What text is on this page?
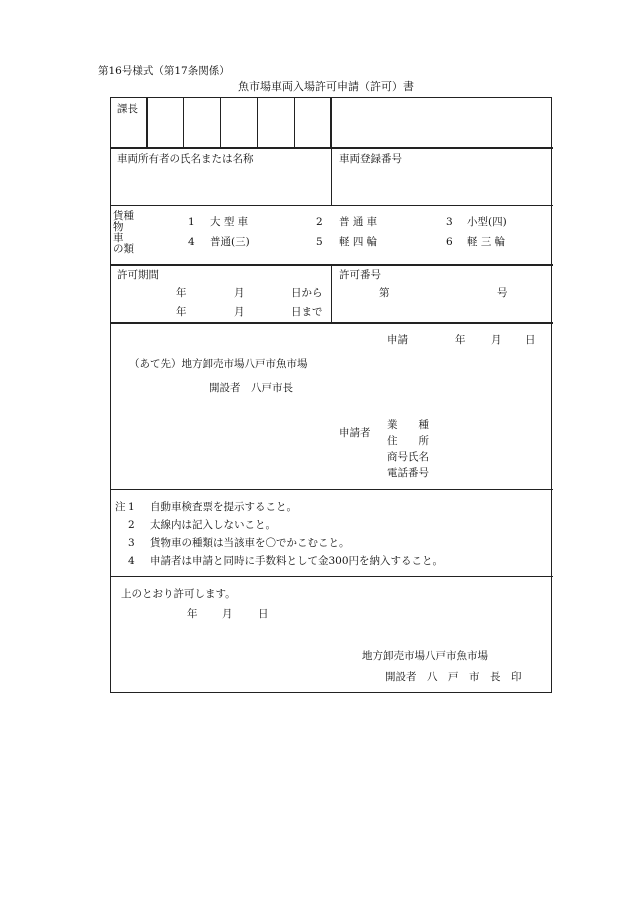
第16号様式（第17条関係）
魚市場車両入場許可申請（許可）書
課長
車両所有者の氏名または名称	車両登録番号
貨種
物
車
の類
1 大 型 車	2 普 通 車	3 小型(四)
4 普通(三)	5 軽 四 輪	6 軽 三 輪
許可期間
年	月	日から
年	月	日まで
許可番号
第	号
申請	年 月 日
（あて先）地方卸売市場八戸市魚市場
開設者　八戸市長
申請者
業　　種
住　　所
商号氏名
電話番号
注 1 自動車検査票を提示すること。
2 太線内は記入しないこと。
3 貨物車の種類は当該車を〇でかこむこと。
4 申請者は申請と同時に手数料として金300円を納入すること。
上のとおり許可します。
年 月 日
地方卸売市場八戸市魚市場
開設者　八　戸　市　長　印
